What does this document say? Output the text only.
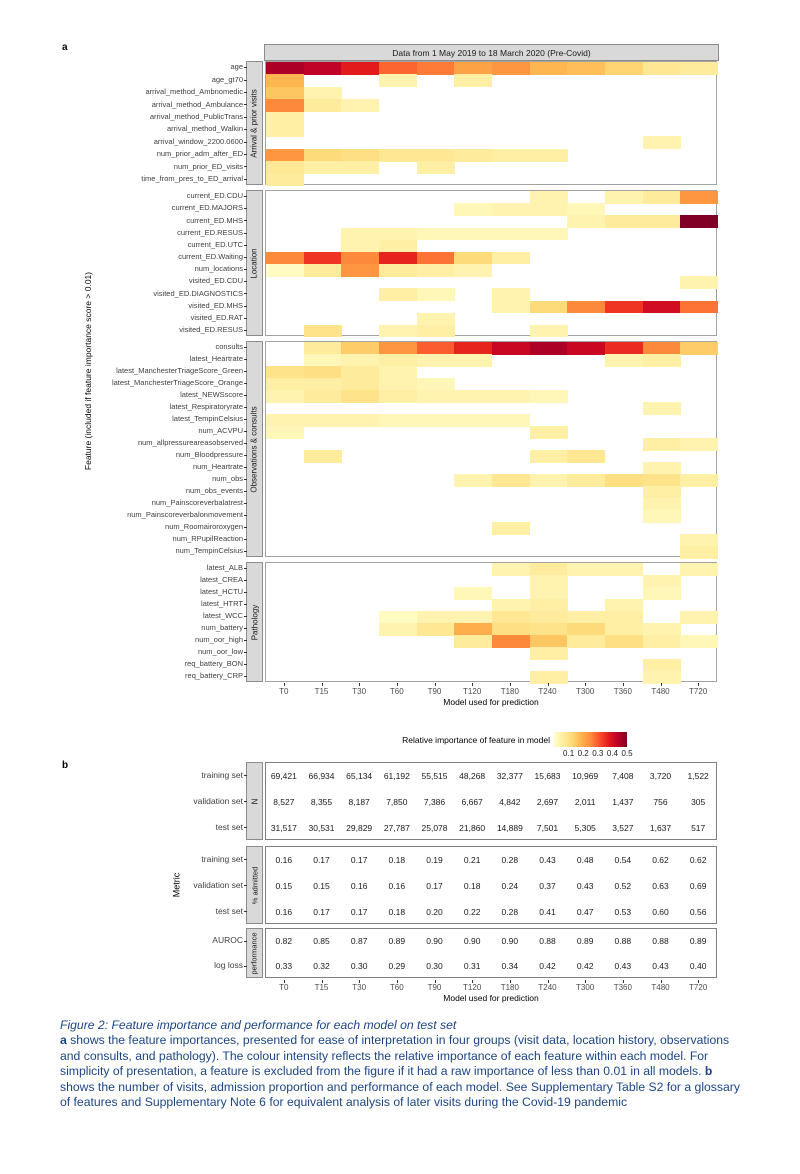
a	Data from 1 May 2019 to 18 March 2020 (Pre-Covid)
Feature (included if feature importance score > 0.01)
Model used for prediction
Relative importance of feature in model
b
Metric
Model used for prediction
Figure 2: Feature importance and performance for each model on test set
a shows the feature importances, presented for ease of interpretation in four groups (visit data, location history, observations and consults, and pathology). The colour intensity reflects the relative importance of each feature within each model. For simplicity of presentation, a feature is excluded from the figure if it had a raw importance of less than 0.01 in all models. b shows the number of visits, admission proportion and performance of each model. See Supplementary Table S2 for a glossary of features and Supplementary Note 6 for equivalent analysis of later visits during the Covid-19 pandemic
Arrival & prior visits
age
age_gt70
arrival_method_Ambnomedic
arrival_method_Ambulance
arrival_method_PublicTrans
arrival_method_Walkin
arrival_window_2200.0600
num_prior_adm_after_ED
num_prior_ED_visits
time_from_pres_to_ED_arrival
Location
current_ED.CDU
current_ED.MAJORS
current_ED.MHS
current_ED.RESUS
current_ED.UTC
current_ED.Waiting
num_locations
visited_ED.CDU
visited_ED.DIAGNOSTICS
visited_ED.MHS
visited_ED.RAT
visited_ED.RESUS
Observations & consults
consults
latest_Heartrate
latest_ManchesterTriageScore_Green
latest_ManchesterTriageScore_Orange
latest_NEWSscore
latest_Respiratoryrate
latest_TempinCelsius
num_ACVPU
num_allpressureareasobserved
num_Bloodpressure
num_Heartrate
num_obs
num_obs_events
num_Painscoreverbalatrest
num_Painscoreverbalonmovement
num_Roomairoroxygen
num_RPupilReaction
num_TempinCelsius
Pathology
latest_ALB
latest_CREA
latest_HCTU
latest_HTRT
latest_WCC
num_battery
num_oor_high
num_oor_low
req_battery_BON
req_battery_CRP
T0	T15	T30	T60	T90	T120	T180	T240	T300	T360	T480	T720
0.1 0.2 0.3 0.4 0.5
N
training set	69,421	66,934	65,134	61,192	55,515	48,268	32,377	15,683	10,969	7,408	3,720	1,522
validation set	8,527	8,355	8,187	7,850	7,386	6,667	4,842	2,697	2,011	1,437	756	305
test set	31,517	30,531	29,829	27,787	25,078	21,860	14,889	7,501	5,305	3,527	1,637	517
% admitted
training set	0.16	0.17	0.17	0.18	0.19	0.21	0.28	0.43	0.48	0.54	0.62	0.62
validation set	0.15	0.15	0.16	0.16	0.17	0.18	0.24	0.37	0.43	0.52	0.63	0.69
test set	0.16	0.17	0.17	0.18	0.20	0.22	0.28	0.41	0.47	0.53	0.60	0.56
performance
AUROC	0.82	0.85	0.87	0.89	0.90	0.90	0.90	0.88	0.89	0.88	0.88	0.89
log loss	0.33	0.32	0.30	0.29	0.30	0.31	0.34	0.42	0.42	0.43	0.43	0.40
T0	T15	T30	T60	T90	T120	T180	T240	T300	T360	T480	T720
